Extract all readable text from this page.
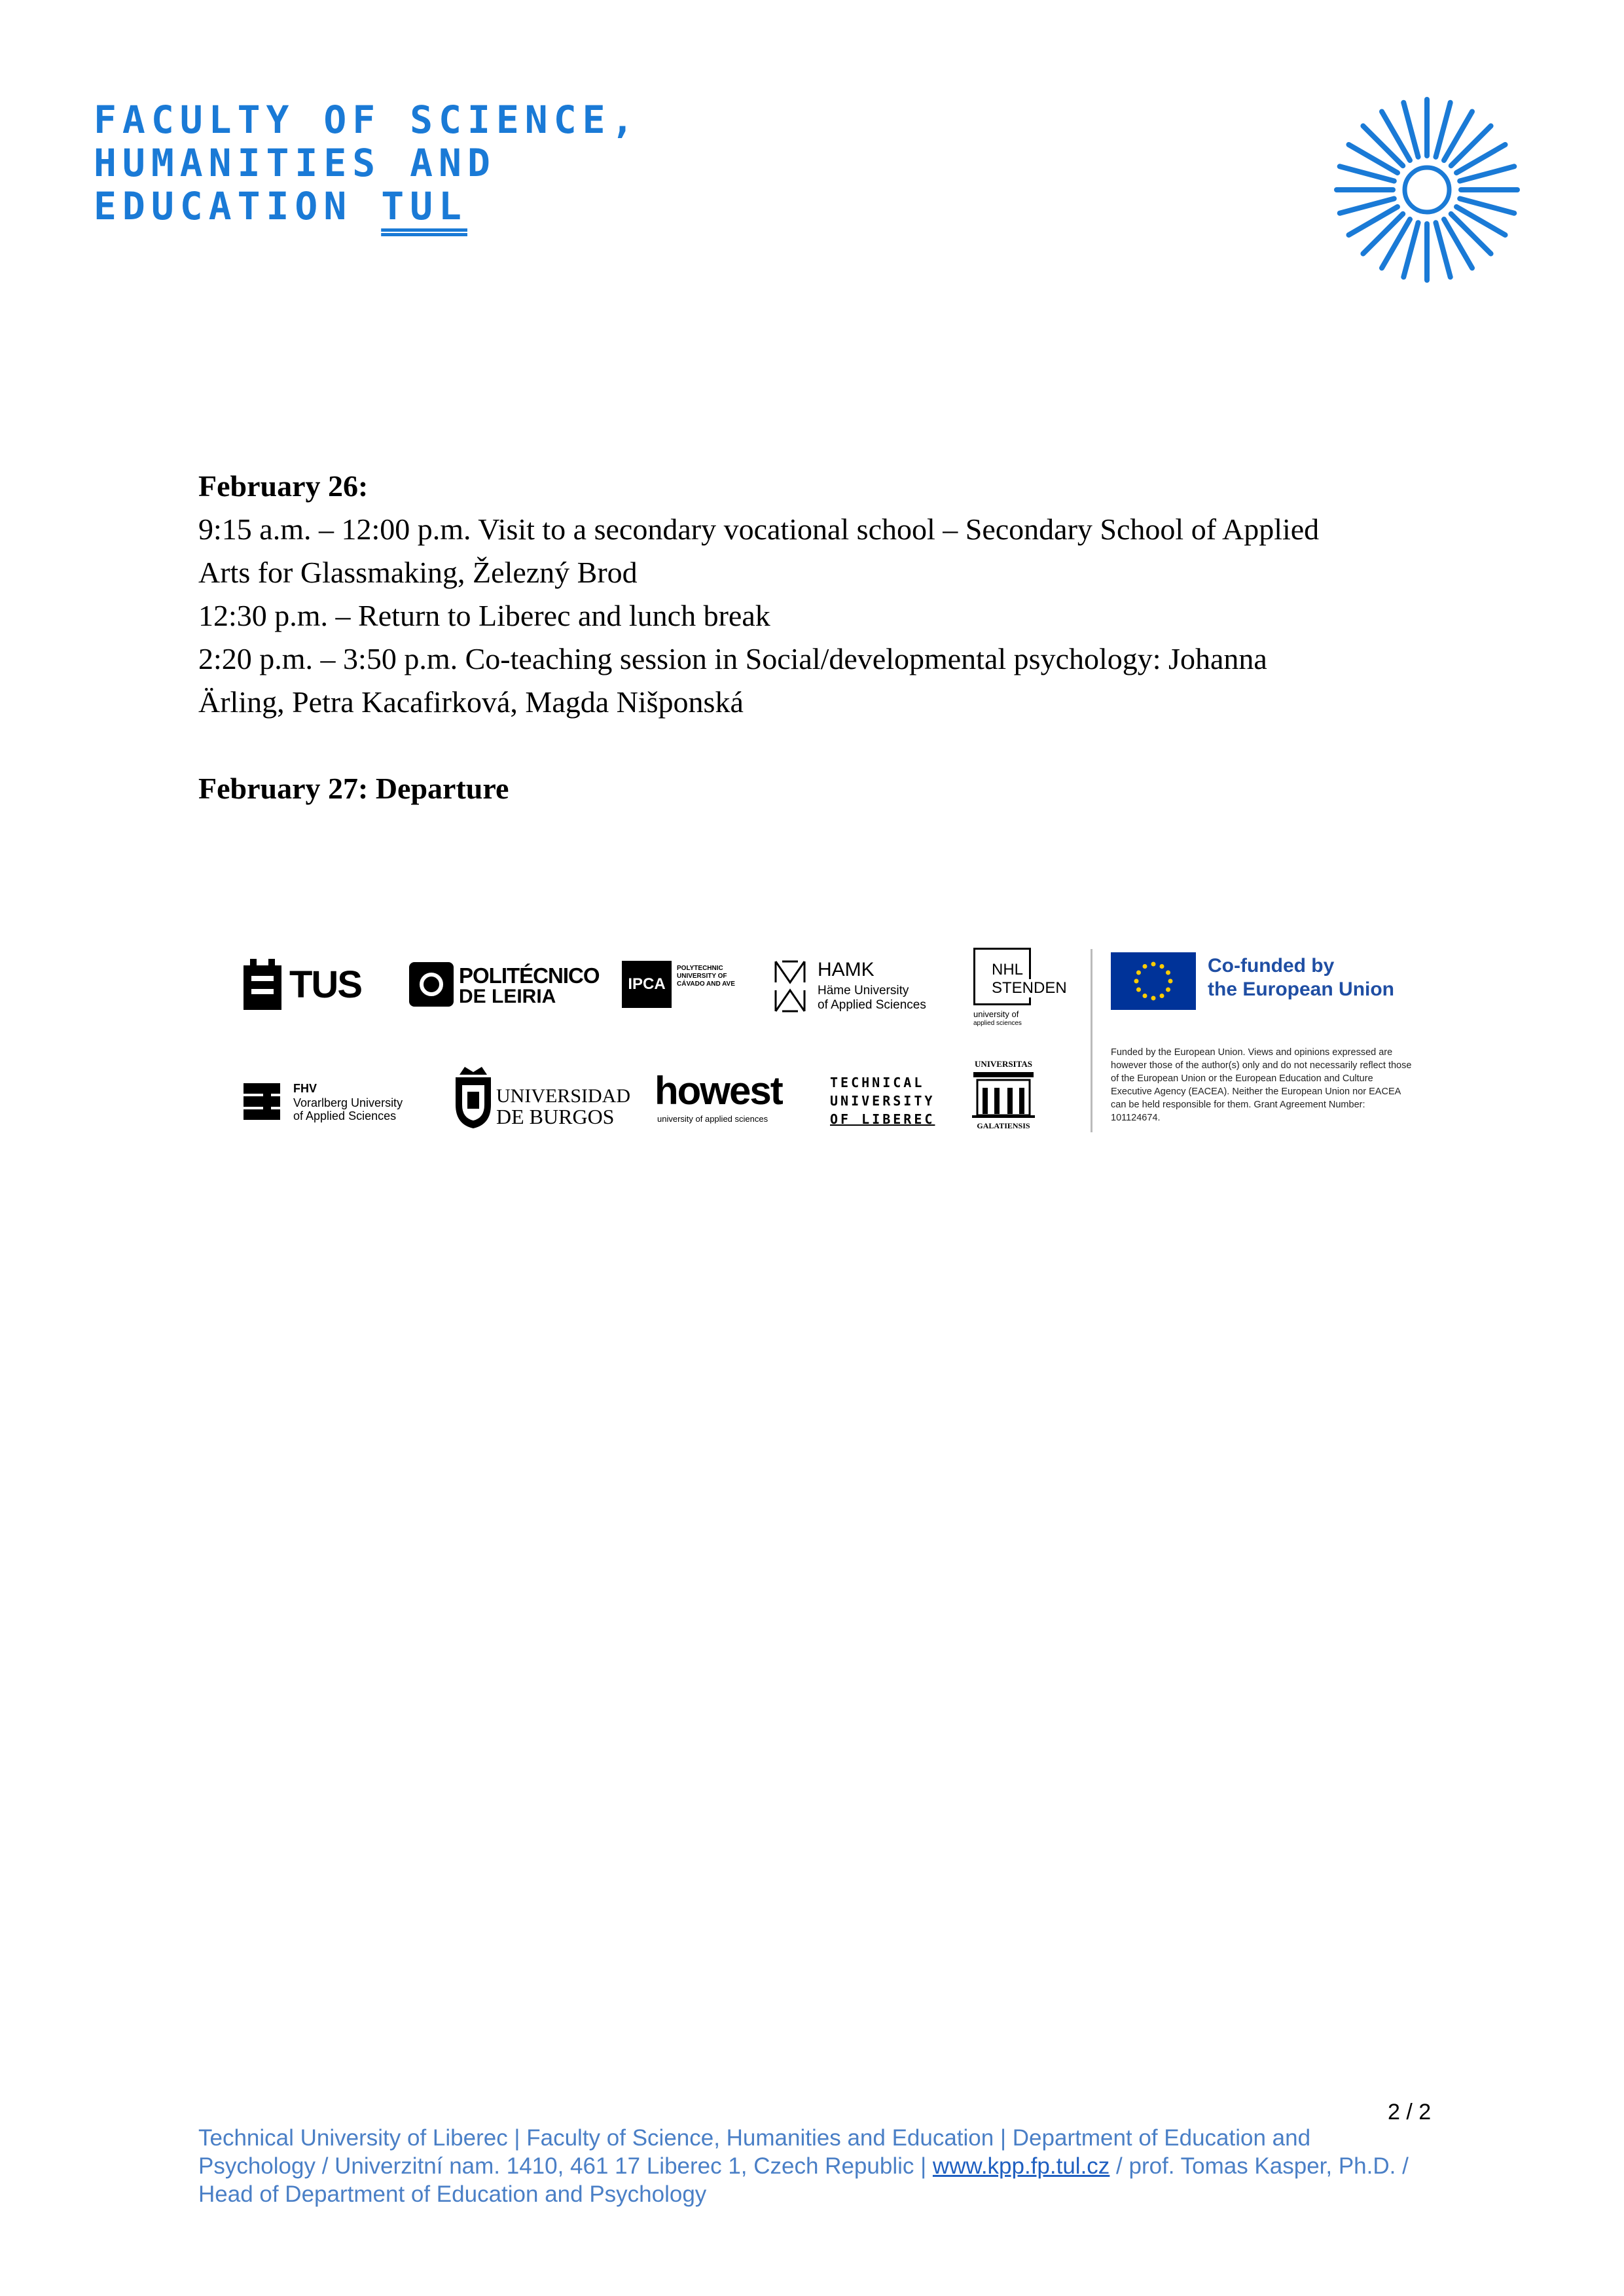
FACULTY OF SCIENCE,
HUMANITIES AND
EDUCATION TUL

February 26:

9:15 a.m. – 12:00 p.m. Visit to a secondary vocational school – Secondary School of Applied

Arts for Glassmaking, Železný Brod

12:30 p.m. – Return to Liberec and lunch break

2:20 p.m. – 3:50 p.m. Co-teaching session in Social/developmental psychology: Johanna

Ärling, Petra Kacafirková, Magda Nišponská

February 27: Departure

TUS	POLITÉCNICO
DE LEIRIA
IPCA
POLYTECHNIC UNIVERSITY OF CÁVADO AND AVE
HAMK
Häme University
of Applied Sciences
NHL
STENDEN
university of
applied sciences
Co-funded by
the European Union
Funded by the European Union. Views and opinions expressed are however those of the author(s) only and do not necessarily reflect those of the European Union or the European Education and Culture Executive Agency (EACEA). Neither the European Union nor EACEA can be held responsible for them. Grant Agreement Number: 101124674.
FHV
Vorarlberg University
of Applied Sciences
UNIVERSIDAD
DE BURGOS
howest
university of applied sciences
TECHNICAL
UNIVERSITY
OF LIBEREC
UNIVERSITAS
GALATIENSIS
2 / 2
Technical University of Liberec | Faculty of Science, Humanities and Education | Department of Education and Psychology / Univerzitní nam. 1410, 461 17 Liberec 1, Czech Republic | www.kpp.fp.tul.cz / prof. Tomas Kasper, Ph.D. / Head of Department of Education and Psychology
